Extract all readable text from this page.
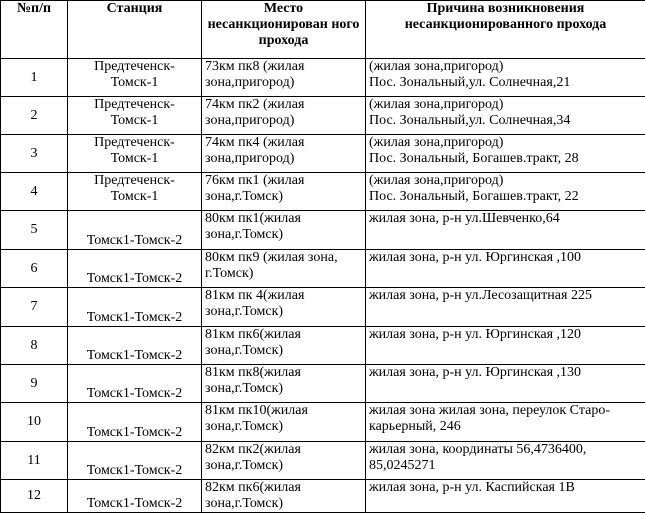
№п/п	Станция	Место несанкционирован ного прохода	Причина возникновения несанкционированного прохода
1	Предтеченск-Томск-1	73км пк8 (жилая зона,пригород)	(жилая зона,пригород)
Пос. Зональный,ул. Солнечная,21
2	Предтеченск-Томск-1	74км пк2 (жилая зона,пригород)	(жилая зона,пригород)
Пос. Зональный,ул. Солнечная,34
3	Предтеченск-Томск-1	74км пк4 (жилая зона,пригород)	(жилая зона,пригород)
Пос. Зональный, Богашев.тракт, 28
4	Предтеченск-Томск-1	76км пк1 (жилая зона,г.Томск)	(жилая зона,пригород)
Пос. Зональный, Богашев.тракт, 22
5	Томск1-Томск-2	80км пк1(жилая зона,г.Томск)	жилая зона, р-н ул.Шевченко,64
6	Томск1-Томск-2	80км пк9 (жилая зона, г.Томск)	жилая зона, р-н ул. Юргинская ,100
7	Томск1-Томск-2	81км пк 4(жилая зона,г.Томск)	жилая зона, р-н ул.Лесозащитная 225
8	Томск1-Томск-2	81км пк6(жилая зона,г.Томск)	жилая зона, р-н ул. Юргинская ,120
9	Томск1-Томск-2	81км пк8(жилая зона,г.Томск)	жилая зона, р-н ул. Юргинская ,130
10	Томск1-Томск-2	81км пк10(жилая зона,г.Томск)	жилая зона жилая зона, переулок Старо-карьерный, 246
11	Томск1-Томск-2	82км пк2(жилая зона,г.Томск)	жилая зона, координаты 56,4736400, 85,0245271
12	Томск1-Томск-2	82км пк6(жилая зона,г.Томск)	жилая зона, р-н ул. Каспийская 1В
